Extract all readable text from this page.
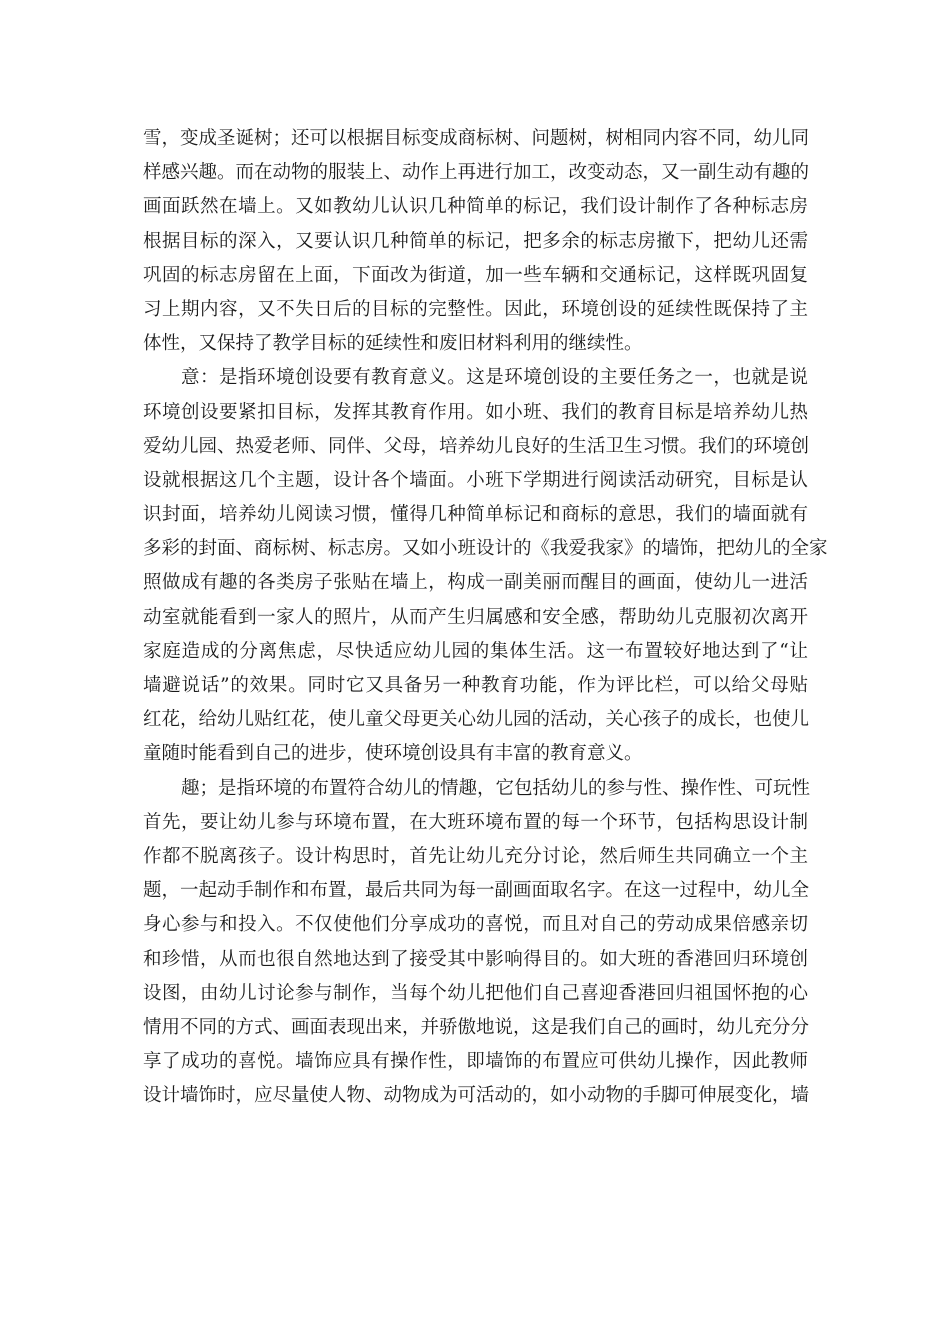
雪，变成圣诞树；还可以根据目标变成商标树、问题树，树相同内容不同，幼儿同
样感兴趣。而在动物的服装上、动作上再进行加工，改变动态，又一副生动有趣的
画面跃然在墙上。又如教幼儿认识几种简单的标记，我们设计制作了各种标志房
根据目标的深入，又要认识几种简单的标记，把多余的标志房撤下，把幼儿还需
巩固的标志房留在上面，下面改为街道，加一些车辆和交通标记，这样既巩固复
习上期内容，又不失日后的目标的完整性。因此，环境创设的延续性既保持了主
体性，又保持了教学目标的延续性和废旧材料利用的继续性。
意：是指环境创设要有教育意义。这是环境创设的主要任务之一，也就是说
环境创设要紧扣目标，发挥其教育作用。如小班、我们的教育目标是培养幼儿热
爱幼儿园、热爱老师、同伴、父母，培养幼儿良好的生活卫生习惯。我们的环境创
设就根据这几个主题，设计各个墙面。小班下学期进行阅读活动研究，目标是认
识封面，培养幼儿阅读习惯，懂得几种简单标记和商标的意思，我们的墙面就有
多彩的封面、商标树、标志房。又如小班设计的《我爱我家》的墙饰，把幼儿的全家
照做成有趣的各类房子张贴在墙上，构成一副美丽而醒目的画面，使幼儿一进活
动室就能看到一家人的照片，从而产生归属感和安全感，帮助幼儿克服初次离开
家庭造成的分离焦虑，尽快适应幼儿园的集体生活。这一布置较好地达到了“让
墙避说话”的效果。同时它又具备另一种教育功能，作为评比栏，可以给父母贴
红花，给幼儿贴红花，使儿童父母更关心幼儿园的活动，关心孩子的成长，也使儿
童随时能看到自己的进步，使环境创设具有丰富的教育意义。
趣；是指环境的布置符合幼儿的情趣，它包括幼儿的参与性、操作性、可玩性
首先，要让幼儿参与环境布置，在大班环境布置的每一个环节，包括构思设计制
作都不脱离孩子。设计构思时，首先让幼儿充分讨论，然后师生共同确立一个主
题，一起动手制作和布置，最后共同为每一副画面取名字。在这一过程中，幼儿全
身心参与和投入。不仅使他们分享成功的喜悦，而且对自己的劳动成果倍感亲切
和珍惜，从而也很自然地达到了接受其中影响得目的。如大班的香港回归环境创
设图，由幼儿讨论参与制作，当每个幼儿把他们自己喜迎香港回归祖国怀抱的心
情用不同的方式、画面表现出来，并骄傲地说，这是我们自己的画时，幼儿充分分
享了成功的喜悦。墙饰应具有操作性，即墙饰的布置应可供幼儿操作，因此教师
设计墙饰时，应尽量使人物、动物成为可活动的，如小动物的手脚可伸展变化，墙
